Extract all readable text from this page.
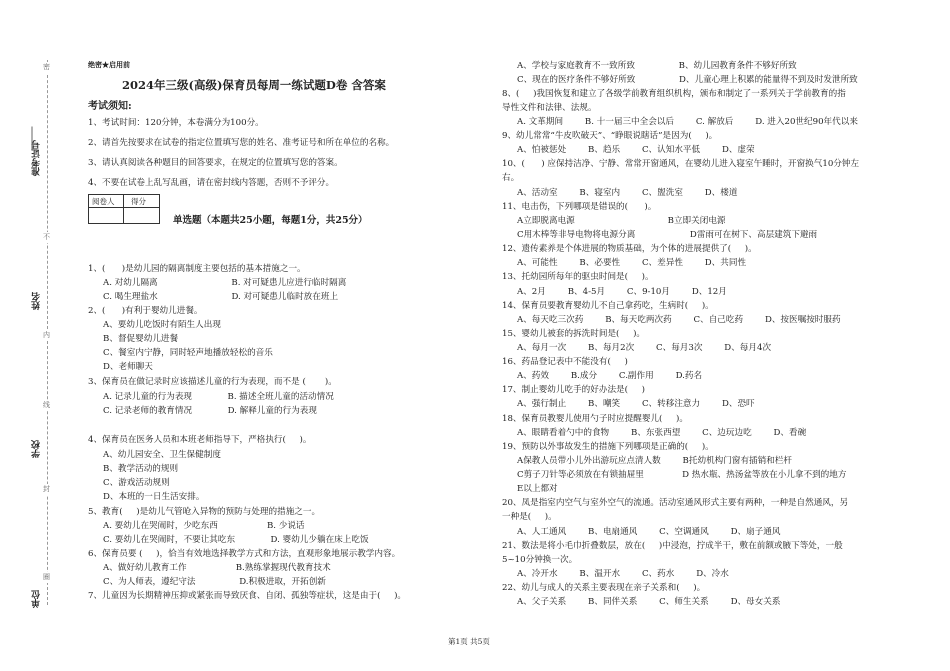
准考证号
姓名
学校
单位
密
不
内
线
封
圈
绝密★启用前
2024年三级(高级)保育员每周一练试题D卷 含答案
考试须知:
1、考试时间：120分钟，本卷满分为100分。
2、请首先按要求在试卷的指定位置填写您的姓名、准考证号和所在单位的名称。
3、请认真阅读各种题目的回答要求，在规定的位置填写您的答案。
4、不要在试卷上乱写乱画，请在密封线内答题，否则不予评分。
阅卷人 得分
单选题（本题共25小题，每题1分，共25分）
1、(      )是幼儿园的隔离制度主要包括的基本措施之一。
A. 对幼儿隔离                           B. 对可疑患儿应进行临时隔离
C. 喝生理盐水                           D. 对可疑患儿临时放在班上
2、(      )有利于婴幼儿进餐。
A、要幼儿吃饭时有陌生人出现
B、督促婴幼儿进餐
C、餐室内宁静，同时轻声地播放轻松的音乐
D、老师聊天
3、保育员在做记录时应该描述儿童的行为表现，而不是 (       )。
A. 记录儿童的行为表现             B. 描述全班儿童的活动情况
C. 记录老师的教育情况             D. 解释儿童的行为表现
4、保育员在医务人员和本班老师指导下，严格执行(     )。
A、幼儿园安全、卫生保健制度
B、教学活动的规则
C、游戏活动规则
D、本班的一日生活安排。
5、教育(     )是幼儿气管呛入异物的预防与处理的措施之一。
A. 要幼儿在哭闹时，少吃东西                  B. 少说话
C. 要幼儿在哭闹时，不要让其吃东             D. 婴幼儿少躺在床上吃饭
6、保育员要 (     )，恰当有效地选择教学方式和方法，直观形象地展示教学内容。
A、做好幼儿教育工作                  B.熟练掌握现代教育技术
C、为人师表，遵纪守法                D.积极进取，开拓创新
7、儿童因为长期精神压抑或紧张而导致厌食、自闭、孤独等症状，这是由于(     )。
A、学校与家庭教育不一致所致                B、幼儿园教育条件不够好所致
C、现在的医疗条件不够好所致                D、儿童心理上积累的能量得不到及时发泄所致
8、(     )我国恢复和建立了各级学前教育组织机构，颁布和制定了一系列关于学前教育的指
导性文件和法律、法规。
A. 文革期间        B. 十一届三中全会以后        C. 解放后        D. 进入20世纪90年代以来
9、幼儿常常“牛皮吹破天”、“睁眼说瞎话”是因为(     )。
A、怕被惩处        B、趋乐        C、认知水平低        D、虚荣
10、(      ) 应保持洁净、宁静、常常开窗通风，在婴幼儿进入寝室午睡时，开窗换气10分钟左
右。
A、活动室        B、寝室内        C、盥洗室        D、楼道
11、电击伤，下列哪项是错误的(      )。
A立即脱离电源                                  B立即关闭电源
C用木棒等非导电物将电源分离                    D雷雨可在树下、高层建筑下避雨
12、遗传素养是个体进展的物质基础，为个体的进展提供了(     )。
A、可能性        B、必要性        C、差异性        D、共同性
13、托幼园所每年的驱虫时间是(     )。
A、2月        B、4-5月        C、9-10月        D、12月
14、保育员要教育婴幼儿不自己拿药吃，生病时(     )。
A、每天吃三次药        B、每天吃两次药        C、自己吃药        D、按医嘱按时服药
15、婴幼儿被套的拆洗时间是(     )。
A、每月一次        B、每月2次        C、每月3次        D、每月4次
16、药品登记表中不能没有(     )
A、药效        B.成分        C.副作用        D.药名
17、制止婴幼儿吃手的好办法是(     )
A、强行制止        B、嘲笑        C、转移注意力        D、恐吓
18、保育员教婴儿使用勺子时应提醒婴儿(     )。
A、眼睛看着勺中的食物        B、东张西望        C、边玩边吃        D、看碗
19、预防以外事故发生的措施下列哪项是正确的(     )。
A保教人员带小儿外出游玩应点清人数        B托幼机构门窗有插销和栏杆
C剪子刀针等必须放在有锁抽屉里              D 热水瓶、热汤盆等放在小儿拿不到的地方
E以上都对
20、凤是指室内空气与室外空气的流通。活动室通风形式主要有两种，一种是自然通风，另
一种是(     )。
A、人工通风        B、电扇通风        C、空调通风        D、扇子通风
21、数法是将小毛巾折叠数层，放在(     )中浸泡，拧成半干，敷在前额或腋下等处，一般
5~10分钟换一次。
A、冷开水        B、温开水        C、药水        D、冷水
22、幼儿与成人的关系主要表现在亲子关系和(     )。
A、父子关系        B、同伴关系        C、师生关系        D、母女关系
第1页 共5页
